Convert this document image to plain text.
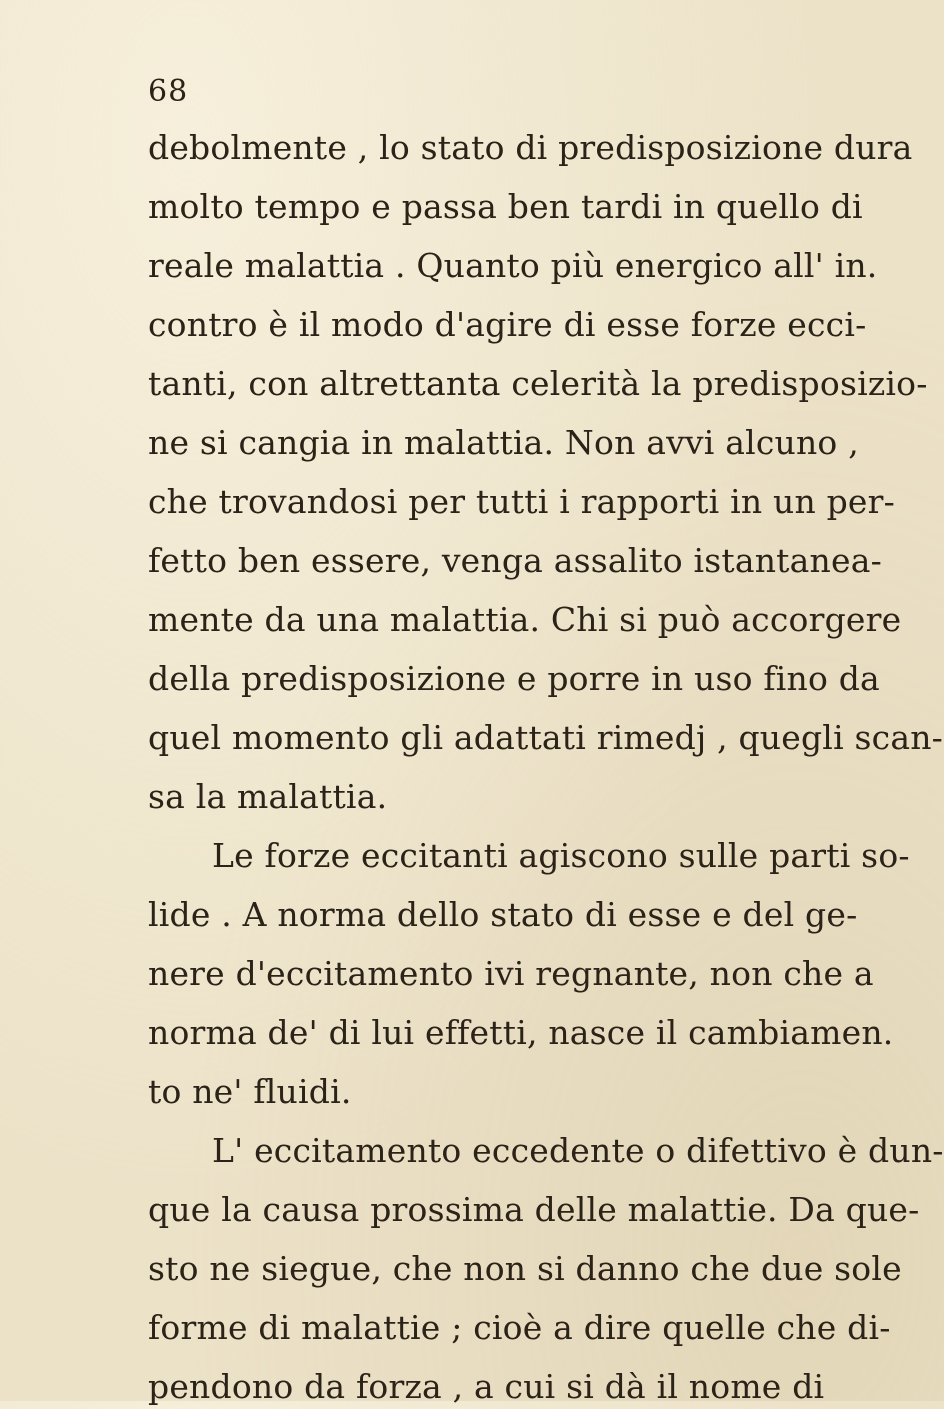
68
debolmente , lo stato di predisposizione dura
molto tempo e passa ben tardi in quello di
reale malattia . Quanto più energico all' in.
contro è il modo d'agire di esse forze ecci-
tanti, con altrettanta celerità la predisposizio-
ne si cangia in malattia. Non avvi alcuno ,
che trovandosi per tutti i rapporti in un per-
fetto ben essere, venga assalito istantanea-
mente da una malattia. Chi si può accorgere
della predisposizione e porre in uso fino da
quel momento gli adattati rimedj , quegli scan-
sa la malattia.
Le forze eccitanti agiscono sulle parti so-
lide . A norma dello stato di esse e del ge-
nere d'eccitamento ivi regnante, non che a
norma de' di lui effetti, nasce il cambiamen.
to ne' fluidi.
L' eccitamento eccedente o difettivo è dun-
que la causa prossima delle malattie. Da que-
sto ne siegue, che non si danno che due sole
forme di malattie ; cioè a dire quelle che di-
pendono da forza , a cui si dà il nome di
